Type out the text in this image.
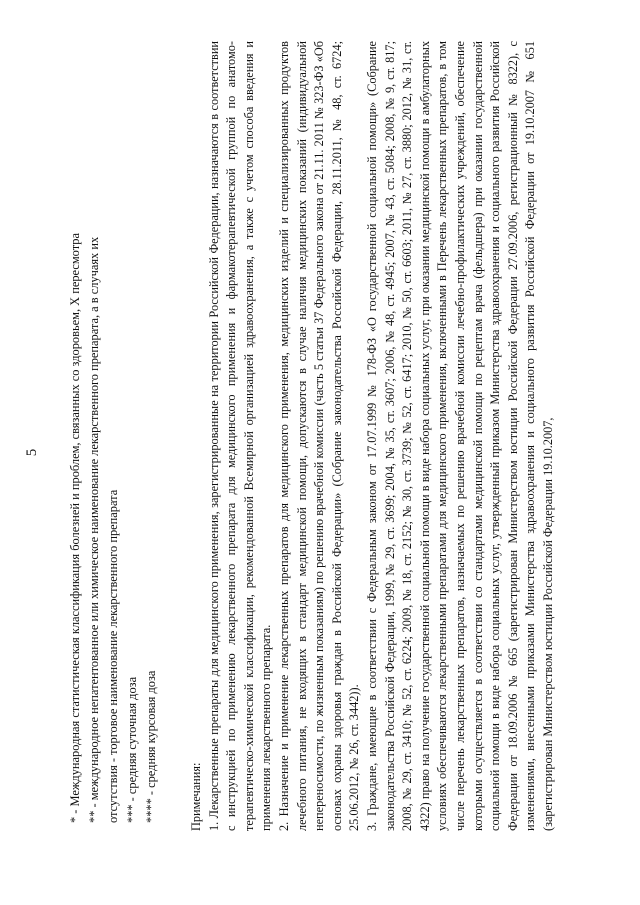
5 * - Международная статистическая классификация болезней и проблем, связанных со здоровьем, X пересмотра ** - международное непатентованное или химическое наименование лекарственного препарата, а в случаях их отсутствия - торговое наименование лекарственного препарата *** - средняя суточная доза **** - средняя курсовая доза	Примечания: 1. Лекарственные препараты для медицинского применения, зарегистрированные на территории Российской Федерации, назначаются в соответствии с инструкцией по применению лекарственного препарата для медицинского применения и фармакотерапевтической группой по анатомо-терапевтическо-химической классификации, рекомендованной Всемирной организацией здравоохранения, а также с учетом способа введения и применения лекарственного препарата. 2. Назначение и применение лекарственных препаратов для медицинского применения, медицинских изделий и специализированных продуктов лечебного питания, не входящих в стандарт медицинской помощи, допускаются в случае наличия медицинских показаний (индивидуальной непереносимости, по жизненным показаниям) по решению врачебной комиссии (часть 5 статьи 37 Федерального закона от 21.11. 2011 № 323-ФЗ «Об основах охраны здоровья граждан в Российской Федерации» (Собрание законодательства Российской Федерации, 28.11.2011, № 48, ст. 6724; 25.06.2012, № 26, ст. 3442)). 3. Граждане, имеющие в соответствии с Федеральным законом от 17.07.1999 № 178-ФЗ «О государственной социальной помощи» (Собрание законодательства Российской Федерации, 1999, № 29, ст. 3699; 2004, № 35, ст. 3607; 2006, № 48, ст. 4945; 2007, № 43, ст. 5084; 2008, № 9, ст. 817; 2008, № 29, ст. 3410; № 52, ст. 6224; 2009, № 18, ст. 2152; № 30, ст. 3739; № 52, ст. 6417; 2010, № 50, ст. 6603; 2011, № 27, ст. 3880; 2012, № 31, ст. 4322) право на получение государственной социальной помощи в виде набора социальных услуг, при оказании медицинской помощи в амбулаторных условиях обеспечиваются лекарственными препаратами для медицинского применения, включенными в Перечень лекарственных препаратов, в том числе перечень лекарственных препаратов, назначаемых по решению врачебной комиссии лечебно-профилактических учреждений, обеспечение которыми осуществляется в соответствии со стандартами медицинской помощи по рецептам врача (фельдшера) при оказании государственной социальной помощи в виде набора социальных услуг, утвержденный приказом Министерства здравоохранения и социального развития Российской Федерации от 18.09.2006 № 665 (зарегистрирован Министерством юстиции Российской Федерации 27.09.2006, регистрационный № 8322), с изменениями, внесенными приказами Министерства здравоохранения и социального развития Российской Федерации от 19.10.2007 № 651 (зарегистрирован Министерством юстиции Российской Федерации 19.10.2007,
